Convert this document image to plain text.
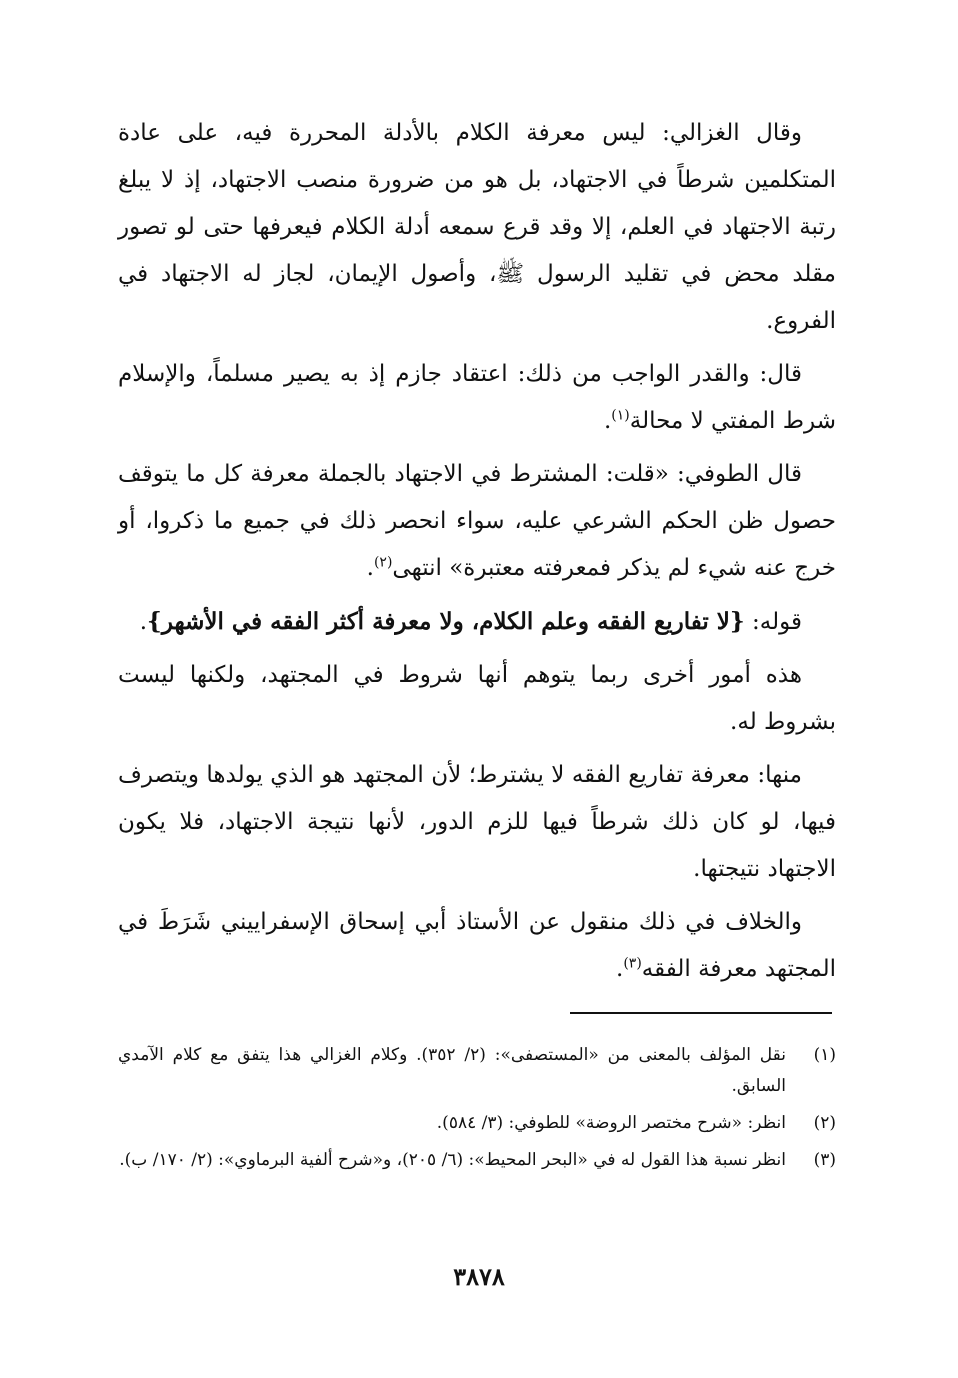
وقال الغزالي: ليس معرفة الكلام بالأدلة المحررة فيه، على عادة المتكلمين شرطاً في الاجتهاد، بل هو من ضرورة منصب الاجتهاد، إذ لا يبلغ رتبة الاجتهاد في العلم، إلا وقد قرع سمعه أدلة الكلام فيعرفها حتى لو تصور مقلد محض في تقليد الرسول ﷺ، وأصول الإيمان، لجاز له الاجتهاد في الفروع.

قال: والقدر الواجب من ذلك: اعتقاد جازم إذ به يصير مسلماً، والإسلام شرط المفتي لا محالة$^{(١)}$.

قال الطوفي: «قلت: المشترط في الاجتهاد بالجملة معرفة كل ما يتوقف حصول ظن الحكم الشرعي عليه، سواء انحصر ذلك في جميع ما ذكروا، أو خرج عنه شيء لم يذكر فمعرفته معتبرة» انتهى$^{(٢)}$.

قوله: {لا تفاريع الفقه وعلم الكلام، ولا معرفة أكثر الفقه في الأشهر}.

هذه أمور أخرى ربما يتوهم أنها شروط في المجتهد، ولكنها ليست بشروط له.

منها: معرفة تفاريع الفقه لا يشترط؛ لأن المجتهد هو الذي يولدها ويتصرف فيها، لو كان ذلك شرطاً فيها للزم الدور، لأنها نتيجة الاجتهاد، فلا يكون الاجتهاد نتيجتها.

والخلاف في ذلك منقول عن الأستاذ أبي إسحاق الإسفراييني شَرَطَ في المجتهد معرفة الفقه$^{(٣)}$.

(١)
نقل المؤلف بالمعنى من «المستصفى»: (٢/ ٣٥٢). وكلام الغزالي هذا يتفق مع كلام الآمدي السابق.
(٢)
انظر: «شرح مختصر الروضة» للطوفي: (٣/ ٥٨٤).
(٣)
انظر نسبة هذا القول له في «البحر المحيط»: (٦/ ٢٠٥)، و«شرح ألفية البرماوي»: (٢/ ١٧٠/ ب).
٣٨٧٨
